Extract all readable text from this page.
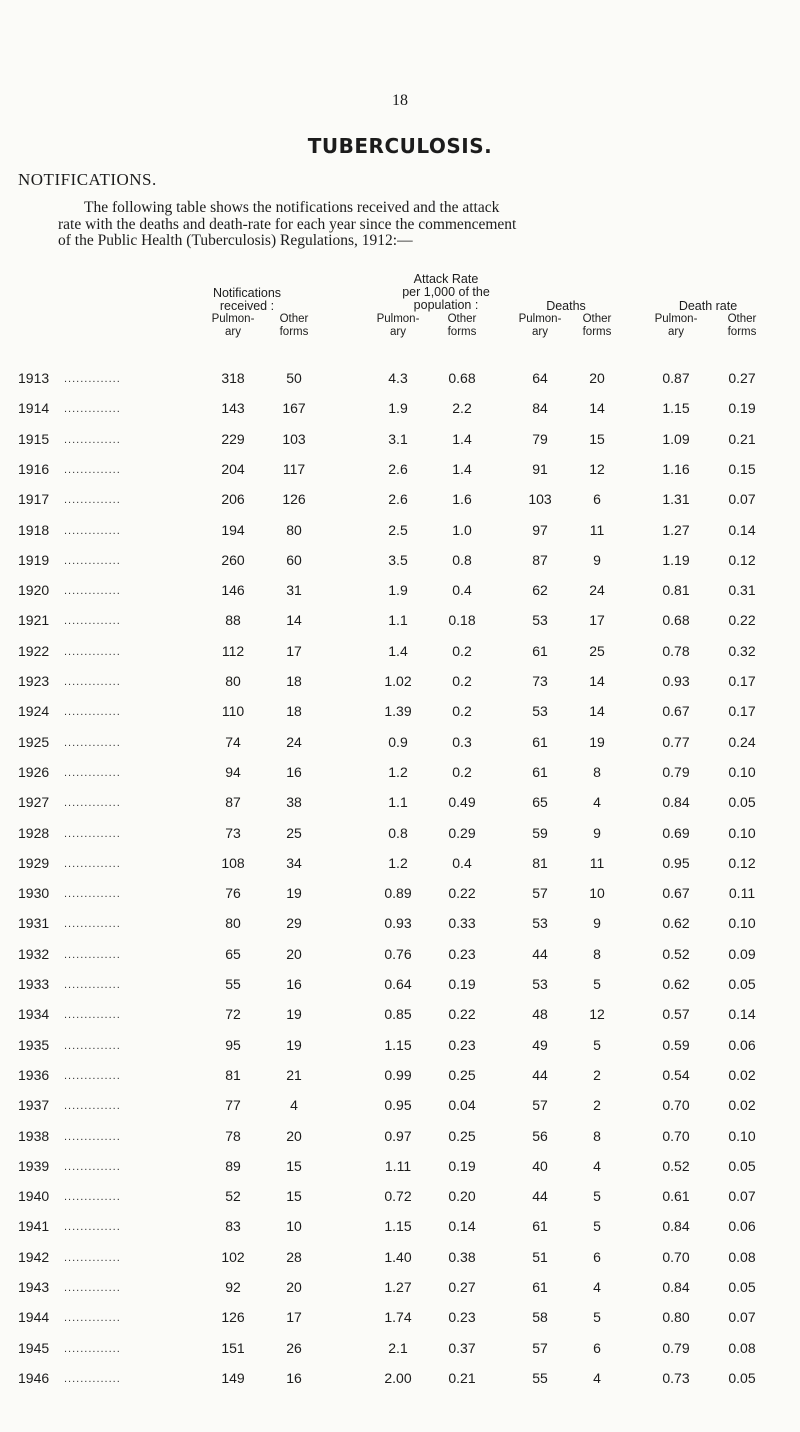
18
TUBERCULOSIS.
NOTIFICATIONS.

The following table shows the notifications received and the attack

rate with the deaths and death-rate for each year since the commencement

of the Public Health (Tuberculosis) Regulations, 1912:—

Notifications
received :
Attack Rate
per 1,000 of the
population :	Deaths	Death rate
Pulmon-
ary
Other
forms
Pulmon-
ary
Other
forms
Pulmon-
ary
Other
forms
Pulmon-
ary
Other
forms
1913 ..............	318	50	4.3	0.68	64	20	0.87	0.27
1914 ..............	143	167	1.9	2.2	84	14	1.15	0.19
1915 ..............	229	103	3.1	1.4	79	15	1.09	0.21
1916 ..............	204	117	2.6	1.4	91	12	1.16	0.15
1917 ..............	206	126	2.6	1.6	103	6	1.31	0.07
1918 ..............	194	80	2.5	1.0	97	11	1.27	0.14
1919 ..............	260	60	3.5	0.8	87	9	1.19	0.12
1920 ..............	146	31	1.9	0.4	62	24	0.81	0.31
1921 ..............	88	14	1.1	0.18	53	17	0.68	0.22
1922 ..............	112	17	1.4	0.2	61	25	0.78	0.32
1923 ..............	80	18	1.02	0.2	73	14	0.93	0.17
1924 ..............	110	18	1.39	0.2	53	14	0.67	0.17
1925 ..............	74	24	0.9	0.3	61	19	0.77	0.24
1926 ..............	94	16	1.2	0.2	61	8	0.79	0.10
1927 ..............	87	38	1.1	0.49	65	4	0.84	0.05
1928 ..............	73	25	0.8	0.29	59	9	0.69	0.10
1929 ..............	108	34	1.2	0.4	81	11	0.95	0.12
1930 ..............	76	19	0.89	0.22	57	10	0.67	0.11
1931 ..............	80	29	0.93	0.33	53	9	0.62	0.10
1932 ..............	65	20	0.76	0.23	44	8	0.52	0.09
1933 ..............	55	16	0.64	0.19	53	5	0.62	0.05
1934 ..............	72	19	0.85	0.22	48	12	0.57	0.14
1935 ..............	95	19	1.15	0.23	49	5	0.59	0.06
1936 ..............	81	21	0.99	0.25	44	2	0.54	0.02
1937 ..............	77	4	0.95	0.04	57	2	0.70	0.02
1938 ..............	78	20	0.97	0.25	56	8	0.70	0.10
1939 ..............	89	15	1.11	0.19	40	4	0.52	0.05
1940 ..............	52	15	0.72	0.20	44	5	0.61	0.07
1941 ..............	83	10	1.15	0.14	61	5	0.84	0.06
1942 ..............	102	28	1.40	0.38	51	6	0.70	0.08
1943 ..............	92	20	1.27	0.27	61	4	0.84	0.05
1944 ..............	126	17	1.74	0.23	58	5	0.80	0.07
1945 ..............	151	26	2.1	0.37	57	6	0.79	0.08
1946 ..............	149	16	2.00	0.21	55	4	0.73	0.05
